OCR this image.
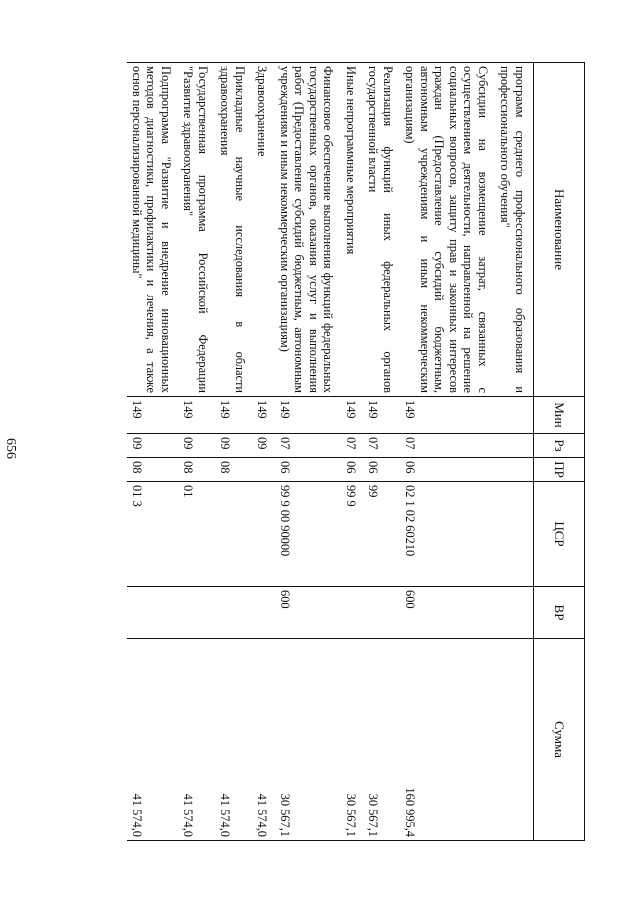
656
Наименование	Мин	Рз	ПР	ЦСР	ВР	Сумма
программ среднего профессионального образования и профессионального обучения"						
Субсидии на возмещение затрат, связанных с осуществлением деятельности, направленной на решение социальных вопросов, защиту прав и законных интересов граждан (Предоставление субсидий бюджетным, автономным учреждениям и иным некоммерческим организациям)	149	07	06	02 1 02 60210	600	160 995,4
Реализация функций иных федеральных органов государственной власти	149	07	06	99		30 567,1
Иные непрограммные мероприятия	149	07	06	99 9		30 567,1
Финансовое обеспечение выполнения функций федеральных государственных органов, оказания услуг и выполнения работ (Предоставление субсидий бюджетным, автономным учреждениям и иным некоммерческим организациям)	149	07	06	99 9 00 90000	600	30 567,1
Здравоохранение	149	09				41 574,0
Прикладные научные исследования в области здравоохранения	149	09	08			41 574,0
Государственная программа Российской Федерации "Развитие здравоохранения"	149	09	08	01		41 574,0
Подпрограмма "Развитие и внедрение инновационных методов диагностики, профилактики и лечения, а также основ персонализированной медицины"	149	09	08	01 3		41 574,0
